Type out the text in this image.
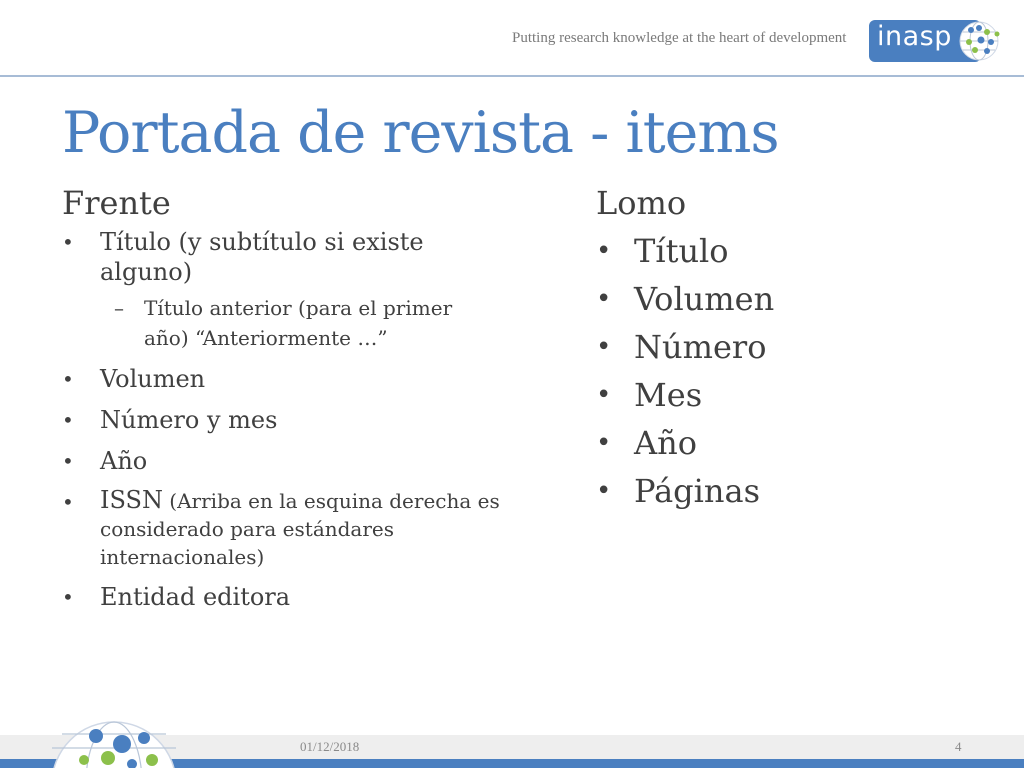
Putting research knowledge at the heart of development	inasp
Portada de revista - items
Frente
• Título (y subtítulo si existe alguno)
– Título anterior (para el primer año) “Anteriormente …”
• Volumen
• Número y mes
• Año
• ISSN (Arriba en la esquina derecha es considerado para estándares internacionales)
• Entidad editora
Lomo
• Título
• Volumen
• Número
• Mes
• Año
• Páginas
01/12/2018	4
